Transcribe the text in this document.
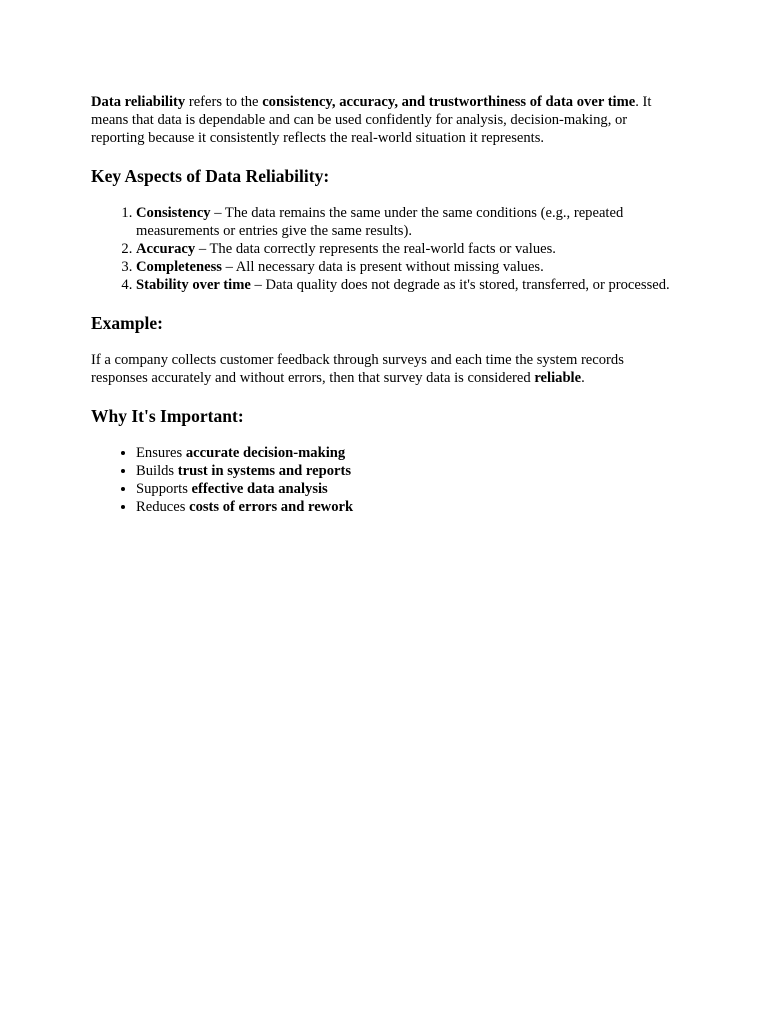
Data reliability refers to the consistency, accuracy, and trustworthiness of data over time. It means that data is dependable and can be used confidently for analysis, decision-making, or reporting because it consistently reflects the real-world situation it represents.

Key Aspects of Data Reliability:
1. Consistency – The data remains the same under the same conditions (e.g., repeated measurements or entries give the same results).
2. Accuracy – The data correctly represents the real-world facts or values.
3. Completeness – All necessary data is present without missing values.
4. Stability over time – Data quality does not degrade as it's stored, transferred, or processed.
Example:

If a company collects customer feedback through surveys and each time the system records responses accurately and without errors, then that survey data is considered reliable.

Why It's Important:
• Ensures accurate decision-making
• Builds trust in systems and reports
• Supports effective data analysis
• Reduces costs of errors and rework
